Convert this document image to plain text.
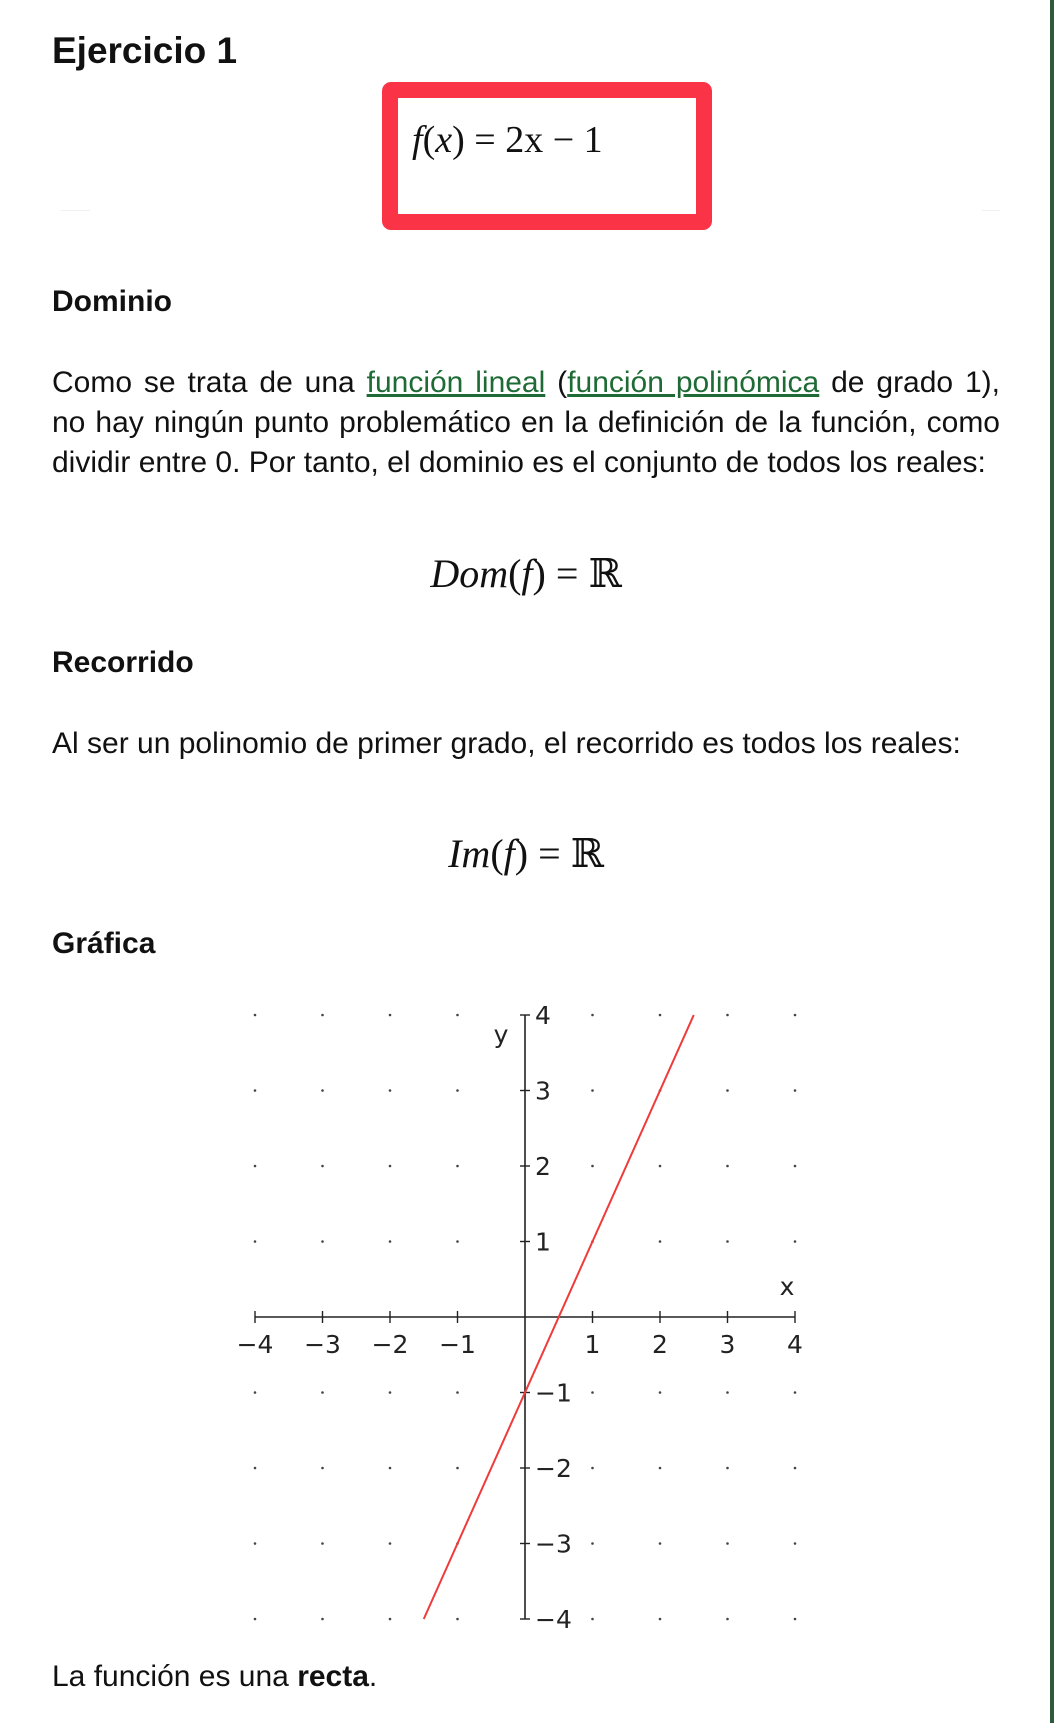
Ejercicio 1
f(x) = 2x − 1
Dominio

Como se trata de una función lineal (función polinómica de grado 1), no hay ningún punto problemático en la definición de la función, como dividir entre 0. Por tanto, el dominio es el conjunto de todos los reales:

Dom(f) = ℝ
Recorrido

Al ser un polinomio de primer grado, el recorrido es todos los reales:

Im(f) = ℝ
Gráfica
−4 −3 −2 −1	1 2 3 4
4
3
2
1
−1
−2
−3
−4
x
y

La función es una recta.
